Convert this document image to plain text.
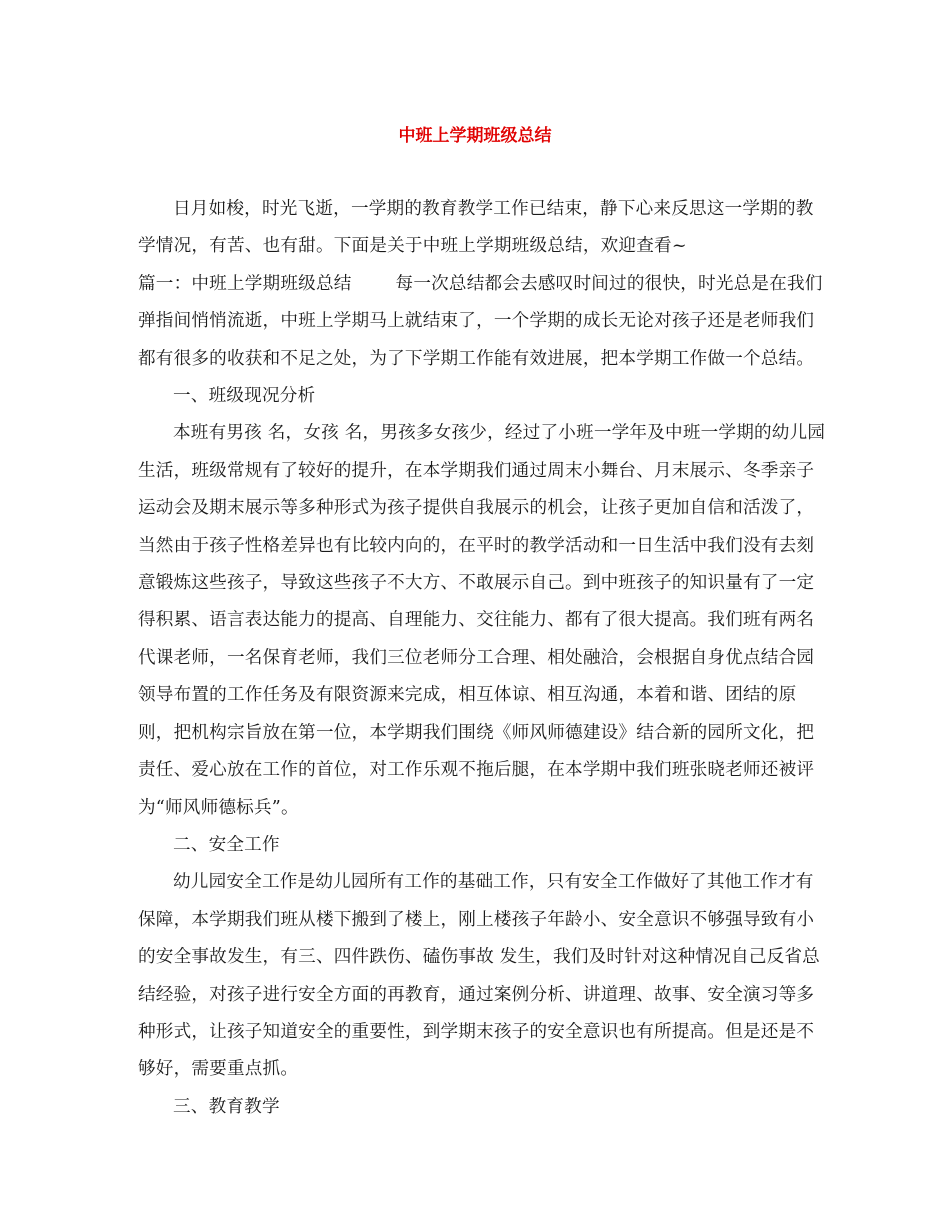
中班上学期班级总结

日月如梭，时光飞逝，一学期的教育教学工作已结束，静下心来反思这一学期的教学情况，有苦、也有甜。下面是关于中班上学期班级总结，欢迎查看~

篇一：中班上学期班级总结	每一次总结都会去感叹时间过的很快，时光总是在我们弹指间悄悄流逝，中班上学期马上就结束了，一个学期的成长无论对孩子还是老师我们都有很多的收获和不足之处，为了下学期工作能有效进展，把本学期工作做一个总结。

一、班级现况分析

本班有男孩 名，女孩 名，男孩多女孩少，经过了小班一学年及中班一学期的幼儿园生活，班级常规有了较好的提升，在本学期我们通过周末小舞台、月末展示、冬季亲子运动会及期末展示等多种形式为孩子提供自我展示的机会，让孩子更加自信和活泼了，当然由于孩子性格差异也有比较内向的，在平时的教学活动和一日生活中我们没有去刻意锻炼这些孩子，导致这些孩子不大方、不敢展示自己。到中班孩子的知识量有了一定得积累、语言表达能力的提高、自理能力、交往能力、都有了很大提高。我们班有两名代课老师，一名保育老师，我们三位老师分工合理、相处融洽，会根据自身优点结合园领导布置的工作任务及有限资源来完成，相互体谅、相互沟通，本着和谐、团结的原则，把机构宗旨放在第一位，本学期我们围绕《师风师德建设》结合新的园所文化，把责任、爱心放在工作的首位，对工作乐观不拖后腿，在本学期中我们班张晓老师还被评为“师风师德标兵”。

二、安全工作

幼儿园安全工作是幼儿园所有工作的基础工作，只有安全工作做好了其他工作才有保障，本学期我们班从楼下搬到了楼上，刚上楼孩子年龄小、安全意识不够强导致有小的安全事故发生，有三、四件跌伤、磕伤事故 发生，我们及时针对这种情况自己反省总结经验，对孩子进行安全方面的再教育，通过案例分析、讲道理、故事、安全演习等多种形式，让孩子知道安全的重要性，到学期末孩子的安全意识也有所提高。但是还是不够好，需要重点抓。

三、教育教学
